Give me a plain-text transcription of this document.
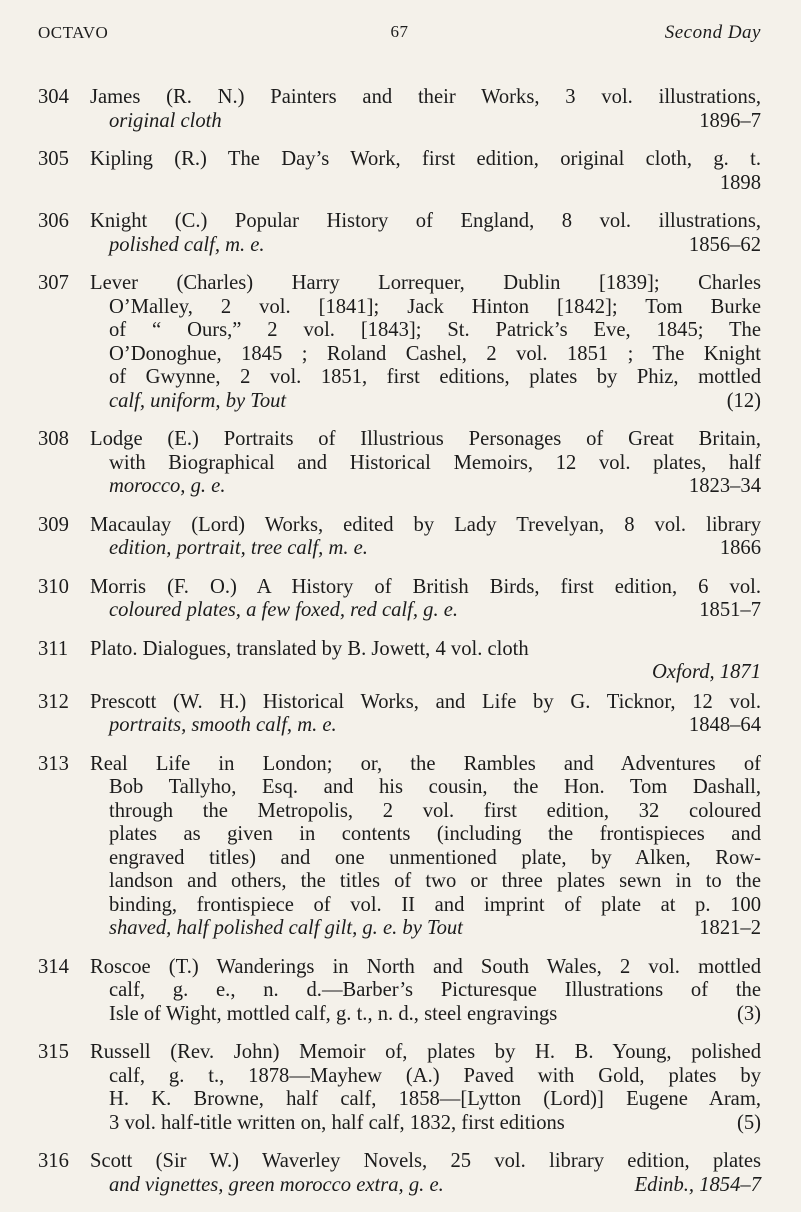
OCTAVO	67	Second Day
304	James (R. N.) Painters and their Works, 3 vol. illustrations,
original cloth	1896–7
305	Kipling (R.) The Day’s Work, first edition, original cloth, g. t.
1898
306	Knight (C.) Popular History of England, 8 vol. illustrations,
polished calf, m. e.	1856–62
307	Lever (Charles) Harry Lorrequer, Dublin [1839]; Charles
O’Malley, 2 vol. [1841]; Jack Hinton [1842]; Tom Burke
of “ Ours,” 2 vol. [1843]; St. Patrick’s Eve, 1845; The
O’Donoghue, 1845 ; Roland Cashel, 2 vol. 1851 ; The Knight
of Gwynne, 2 vol. 1851, first editions, plates by Phiz, mottled
calf, uniform, by Tout	(12)
308	Lodge (E.) Portraits of Illustrious Personages of Great Britain,
with Biographical and Historical Memoirs, 12 vol. plates, half
morocco, g. e.	1823–34
309	Macaulay (Lord) Works, edited by Lady Trevelyan, 8 vol. library
edition, portrait, tree calf, m. e.	1866
310	Morris (F. O.) A History of British Birds, first edition, 6 vol.
coloured plates, a few foxed, red calf, g. e.	1851–7
311	Plato. Dialogues, translated by B. Jowett, 4 vol. cloth
Oxford, 1871
312	Prescott (W. H.) Historical Works, and Life by G. Ticknor, 12 vol.
portraits, smooth calf, m. e.	1848–64
313	Real Life in London; or, the Rambles and Adventures of
Bob Tallyho, Esq. and his cousin, the Hon. Tom Dashall,
through the Metropolis, 2 vol. first edition, 32 coloured
plates as given in contents (including the frontispieces and
engraved titles) and one unmentioned plate, by Alken, Row-
landson and others, the titles of two or three plates sewn in to the
binding, frontispiece of vol. II and imprint of plate at p. 100
shaved, half polished calf gilt, g. e. by Tout	1821–2
314	Roscoe (T.) Wanderings in North and South Wales, 2 vol. mottled
calf, g. e., n. d.—Barber’s Picturesque Illustrations of the
Isle of Wight, mottled calf, g. t., n. d., steel engravings	(3)
315	Russell (Rev. John) Memoir of, plates by H. B. Young, polished
calf, g. t., 1878—Mayhew (A.) Paved with Gold, plates by
H. K. Browne, half calf, 1858—[Lytton (Lord)] Eugene Aram,
3 vol. half-title written on, half calf, 1832, first editions	(5)
316	Scott (Sir W.) Waverley Novels, 25 vol. library edition, plates
and vignettes, green morocco extra, g. e.	Edinb., 1854–7
